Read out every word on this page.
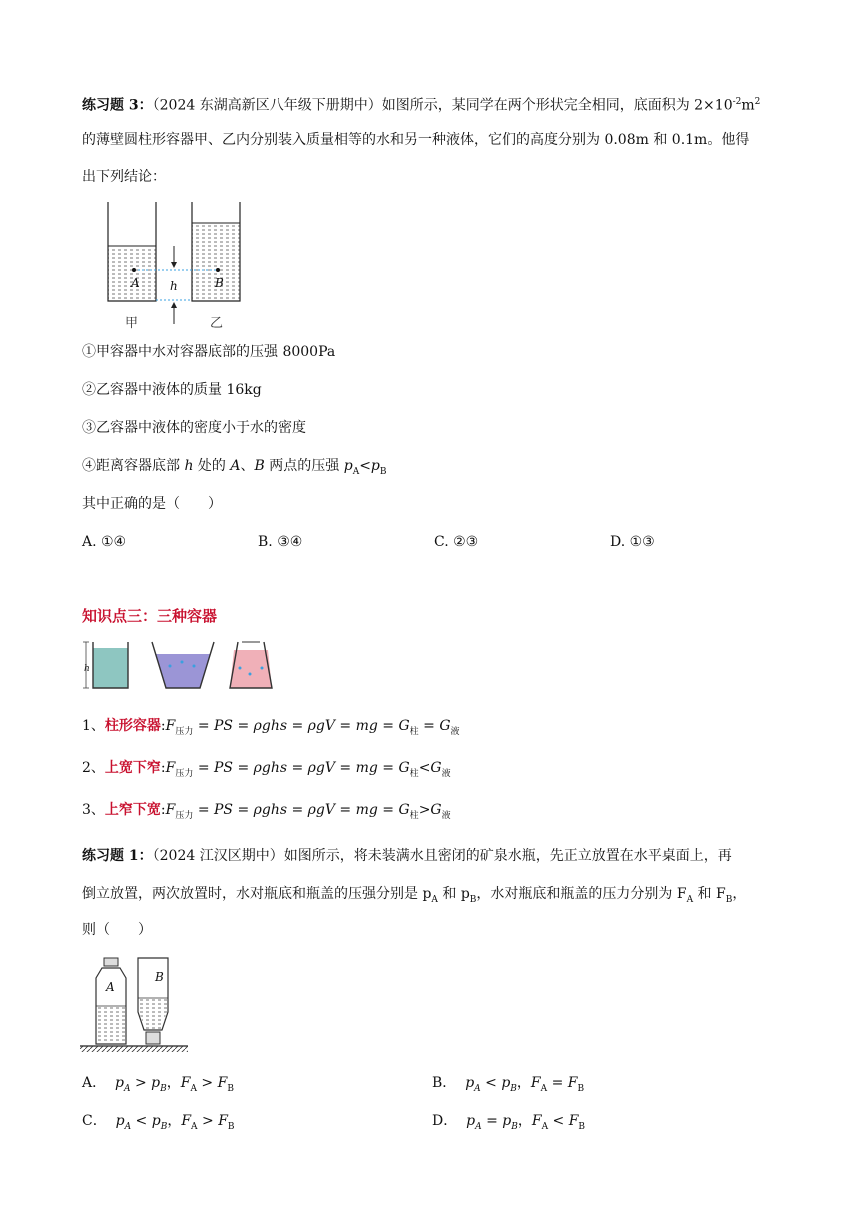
练习题 3：（2024 东湖高新区八年级下册期中）如图所示，某同学在两个形状完全相同，底面积为 $2\times 10^{-2}m^2$
的薄壁圆柱形容器甲、乙内分别装入质量相等的水和另一种液体，它们的高度分别为 0.08m 和 0.1m。他得
出下列结论：
A	B
h
甲	乙
①甲容器中水对容器底部的压强 8000Pa
②乙容器中液体的质量 16kg
③乙容器中液体的密度小于水的密度
④距离容器底部 h 处的 A、B 两点的压强 $p_A<p_B$
其中正确的是（　　）
A. ①④	B. ③④	C. ②③	D. ①③
知识点三：三种容器
h
1、柱形容器$:F_{压力}$ = PS = ρghs = ρgV = mg = $G_柱 = G_液$
2、上宽下窄$:F_{压力}$ = PS = ρghs = ρgV = mg = $G_柱<G_液$
3、上窄下宽$:F_{压力}$ = PS = ρghs = ρgV = mg = $G_柱>G_液$
练习题 1：（2024 江汉区期中）如图所示，将未装满水且密闭的矿泉水瓶，先正立放置在水平桌面上，再
倒立放置，两次放置时，水对瓶底和瓶盖的压强分别是 $p_A$ 和 $p_B$，水对瓶底和瓶盖的压力分别为 $F_A$ 和 $F_B$，
则（　　）
A
B
A． $p_A > p_B$，$F_A > F_B$	B． $p_A < p_B$，$F_A = F_B$
C． $p_A < p_B$，$F_A > F_B$	D． $p_A = p_B$，$F_A < F_B$
